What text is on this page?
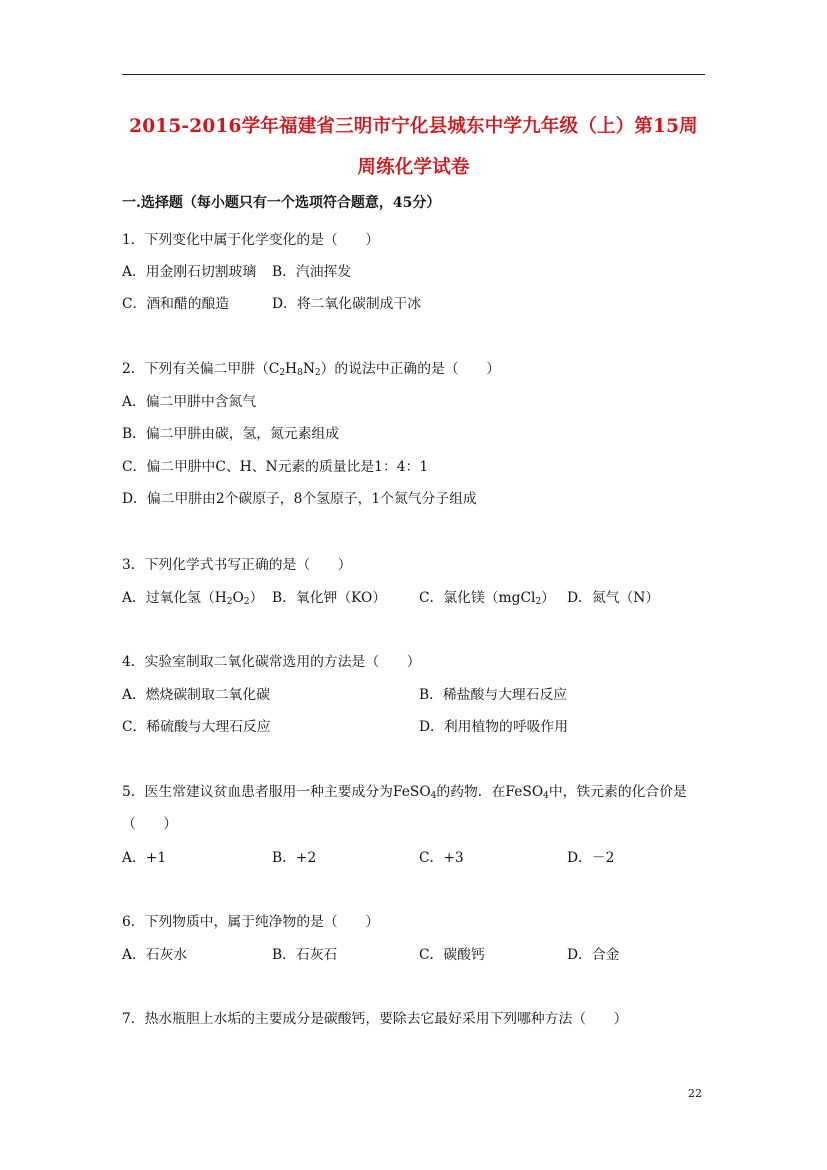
2015-2016学年福建省三明市宁化县城东中学九年级（上）第15周
周练化学试卷
一.选择题（每小题只有一个选项符合题意，45分）
1．下列变化中属于化学变化的是（　　）
A．用金刚石切割玻璃 B．汽油挥发
C．酒和醋的酿造	D．将二氧化碳制成干冰
2．下列有关偏二甲肼$(C_2H_8N_2)$的说法中正确的是（　　）
A．偏二甲肼中含氮气
B．偏二甲肼由碳，氢，氮元素组成
C．偏二甲肼中C、H、N元素的质量比是1：4：1
D．偏二甲肼由2个碳原子，8个氢原子，1个氮气分子组成
3．下列化学式书写正确的是（　　）
A．过氧化氢$(H_2O_2)$ B．氧化钾（KO） C．氯化镁（mgCl$_2$） D．氮气（N）
4．实验室制取二氧化碳常选用的方法是（　　）
A．燃烧碳制取二氧化碳	B．稀盐酸与大理石反应
C．稀硫酸与大理石反应	D．利用植物的呼吸作用
5．医生常建议贫血患者服用一种主要成分为FeSO$_4$的药物．在FeSO$_4$中，铁元素的化合价是
（　　）
A．+1	B．+2	C．+3	D．－2
6．下列物质中，属于纯净物的是（　　）
A．石灰水	B．石灰石	C．碳酸钙	D．合金
7．热水瓶胆上水垢的主要成分是碳酸钙，要除去它最好采用下列哪种方法（　　）
22
